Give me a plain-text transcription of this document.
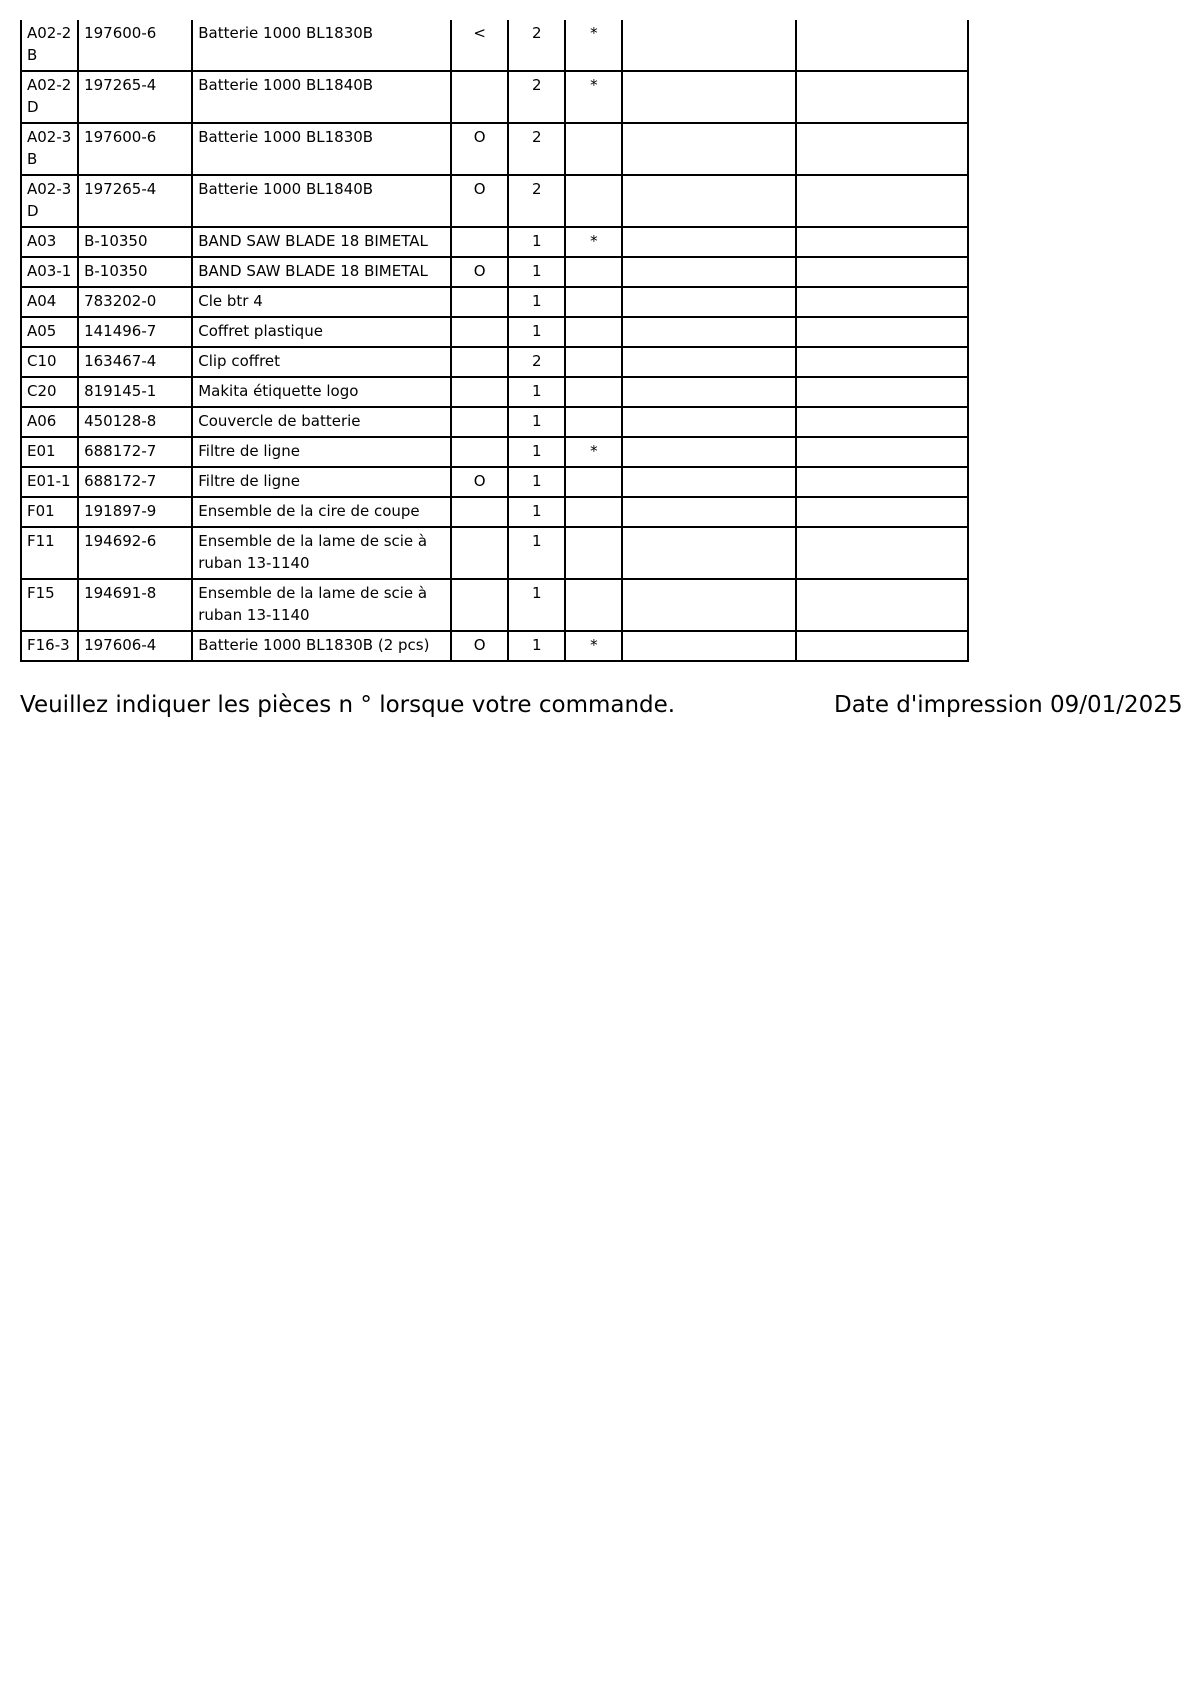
A02-2B	197600-6	Batterie 1000 BL1830B	<	2	*		
A02-2D	197265-4	Batterie 1000 BL1840B		2	*		
A02-3B	197600-6	Batterie 1000 BL1830B	O	2			
A02-3D	197265-4	Batterie 1000 BL1840B	O	2			
A03	B-10350	BAND SAW BLADE 18 BIMETAL		1	*		
A03-1	B-10350	BAND SAW BLADE 18 BIMETAL	O	1			
A04	783202-0	Cle btr 4		1			
A05	141496-7	Coffret plastique		1			
C10	163467-4	Clip coffret		2			
C20	819145-1	Makita étiquette logo		1			
A06	450128-8	Couvercle de batterie		1			
E01	688172-7	Filtre de ligne		1	*		
E01-1	688172-7	Filtre de ligne	O	1			
F01	191897-9	Ensemble de la cire de coupe		1			
F11	194692-6	Ensemble de la lame de scie à ruban 13-1140		1			
F15	194691-8	Ensemble de la lame de scie à ruban 13-1140		1			
F16-3	197606-4	Batterie 1000 BL1830B (2 pcs)	O	1	*		
Veuillez indiquer les pièces n ° lorsque votre commande.	Date d'impression 09/01/2025
